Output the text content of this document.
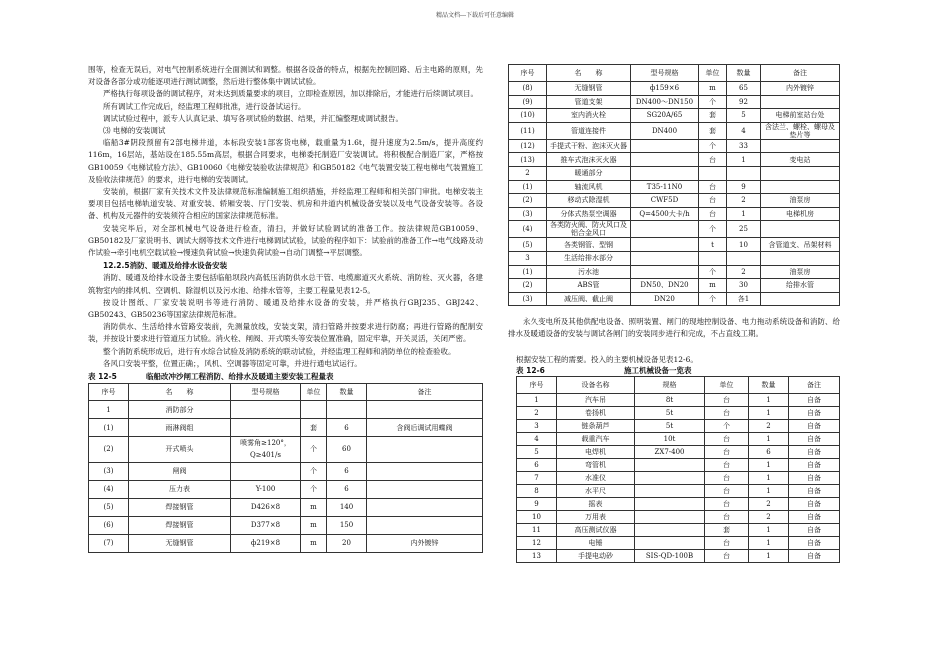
精品文档---下载后可任意编辑

围等，检查无误后，对电气控制系统进行全面测试和调整。根据各设备的特点，根据先控制回路、后主电路的原则，先对设备各部分或功能逐项进行测试调整，然后进行整体集中调试试验。

严格执行每项设备的调试程序，对未达到质量要求的项目，立即检查原因，加以排除后，才能进行后续调试项目。

所有调试工作完成后，经监理工程师批准，进行设备试运行。

调试试验过程中，派专人认真记录、填写各项试验的数据、结果，并汇编整理成调试报告。

⑶ 电梯的安装调试

临船3#阴段预留有2部电梯井道，本标段安装1部客货电梯，载重量为1.6t，提升速度为2.5m/s，提升高度约116m，16层站，基站设在185.55m高层，根据合同要求，电梯委托制造厂安装调试。将积极配合制造厂家，严格按GB10059《电梯试验方法》、GB10060《电梯安装验收法律规范》和GB50182《电气装置安装工程电梯电气装置施工及验收法律规范》的要求，进行电梯的安装调试。

安装前，根据厂家有关技术文件及法律规范标准编制施工组织措施，并经监理工程师和相关部门审批。电梯安装主要项目包括电梯轨道安装、对重安装、轿厢安装、厅门安装、机房和井道内机械设备安装以及电气设备安装等。各设备、机构及元器件的安装须符合相应的国家法律规范标准。

安装完毕后，对全部机械电气设备进行检查，清扫，并做好试验调试的准备工作。按法律规范GB10059、GB50182及厂家说明书、调试大纲等技术文件进行电梯调试试验，试验的程序如下：试验前的准备工作→电气线路及动作试验→牵引电机空载试验→慢速负荷试验→快速负荷试验→自动门调整→平层调整。

12.2.5消防、暖通及给排水设备安装

消防、暖通及给排水设备主要包括临船坝段内高低压消防供水总干管、电缆廊道灭火系统、消防栓、灭火器，各建筑物室内的排风机、空调机、除湿机以及污水池、给排水管等，主要工程量见表12-5。

按设计图纸、厂家安装说明书等进行消防、暖通及给排水设备的安装，并严格执行GBJ235、GBJ242、GB50243、GB50236等国家法律规范标准。

消防供水、生活给排水管路安装前，先测量放线，安装支架，清扫管路并按要求进行防腐；再进行管路的配制安装，并按设计要求进行管道压力试验。消火栓、闸阀、开式喷头等安装位置准确，固定牢靠，开关灵活，关闭严密。

整个消防系统形成后，进行有水综合试验及消防系统的联动试验，并经监理工程师和消防单位的检查验收。

各风口安装平整，位置正确；，风机、空调器等固定可靠，并进行通电试运行。

表 12-5	临船改冲沙闸工程消防、给排水及暖通主要安装工程量表
序号	名　　称	型号规格	单位	数量	备注
1	消防部分				
(1)	雨淋阀组		套	6	含阀后调试用蝶阀
(2)	开式喷头	喷雾角≥120°，Q≥401/s	个	60	
(3)	闸阀		个	6	
(4)	压力表	Y-100	个	6	
(5)	焊接钢管	D426×8	m	140	
(6)	焊接钢管	D377×8	m	150	
(7)	无缝钢管	ф219×8	m	20	内外镀锌
序号	名　　称	型号规格	单位	数量	备注
(8)	无缝钢管	ф159×6	m	65	内外镀锌
(9)	管道支架	DN400～DN150	个	92	
(10)	室内消火栓	SG20A/65	套	5	电梯前室站台处
(11)	管道连接件	DN400	套	4	含法兰、螺栓、螺母及垫片等
(12)	手提式干粉、泡沫灭火器		个	33	
(13)	推车式泡沫灭火器		台	1	变电站
2	暖通部分				
(1)	轴流风机	T35-11N0	台	9	
(2)	移动式除湿机	CWF5D	台	2	油泵房
(3)	分体式热泵空调器	Q=4500大卡/h	台	1	电梯机房
(4)	各类防火阀、防火风口及铝合金风口		个	25	
(5)	各类钢管、型钢		t	10	含管道支、吊架材料
3	生活给排水部分				
(1)	污水池		个	2	油泵房
(2)	ABS管	DN50、DN20	m	30	给排水管
(3)	减压阀、截止阀	DN20	个	各1	

永久变电所及其他供配电设备、照明装置、闸门的现地控制设备、电力拖动系统设备和消防、给排水及暖通设备的安装与调试各闸门的安装同步进行和完成，不占直线工期。

根据安装工程的需要。投入的主要机械设备见表12-6。

表 12-6	施工机械设备一览表
序号	设备名称	规格	单位	数量	备注
1	汽车吊	8t	台	1	自备
2	卷扬机	5t	台	1	自备
3	链条葫芦	5t	个	2	自备
4	载重汽车	10t	台	1	自备
5	电焊机	ZX7-400	台	6	自备
6	弯管机		台	1	自备
7	水准仪		台	1	自备
8	水平尺		台	1	自备
9	摇表		台	2	自备
10	万用表		台	2	自备
11	高压测试仪器		套	1	自备
12	电锤		台	1	自备
13	手提电动砂	SIS-QD-100B	台	1	自备
